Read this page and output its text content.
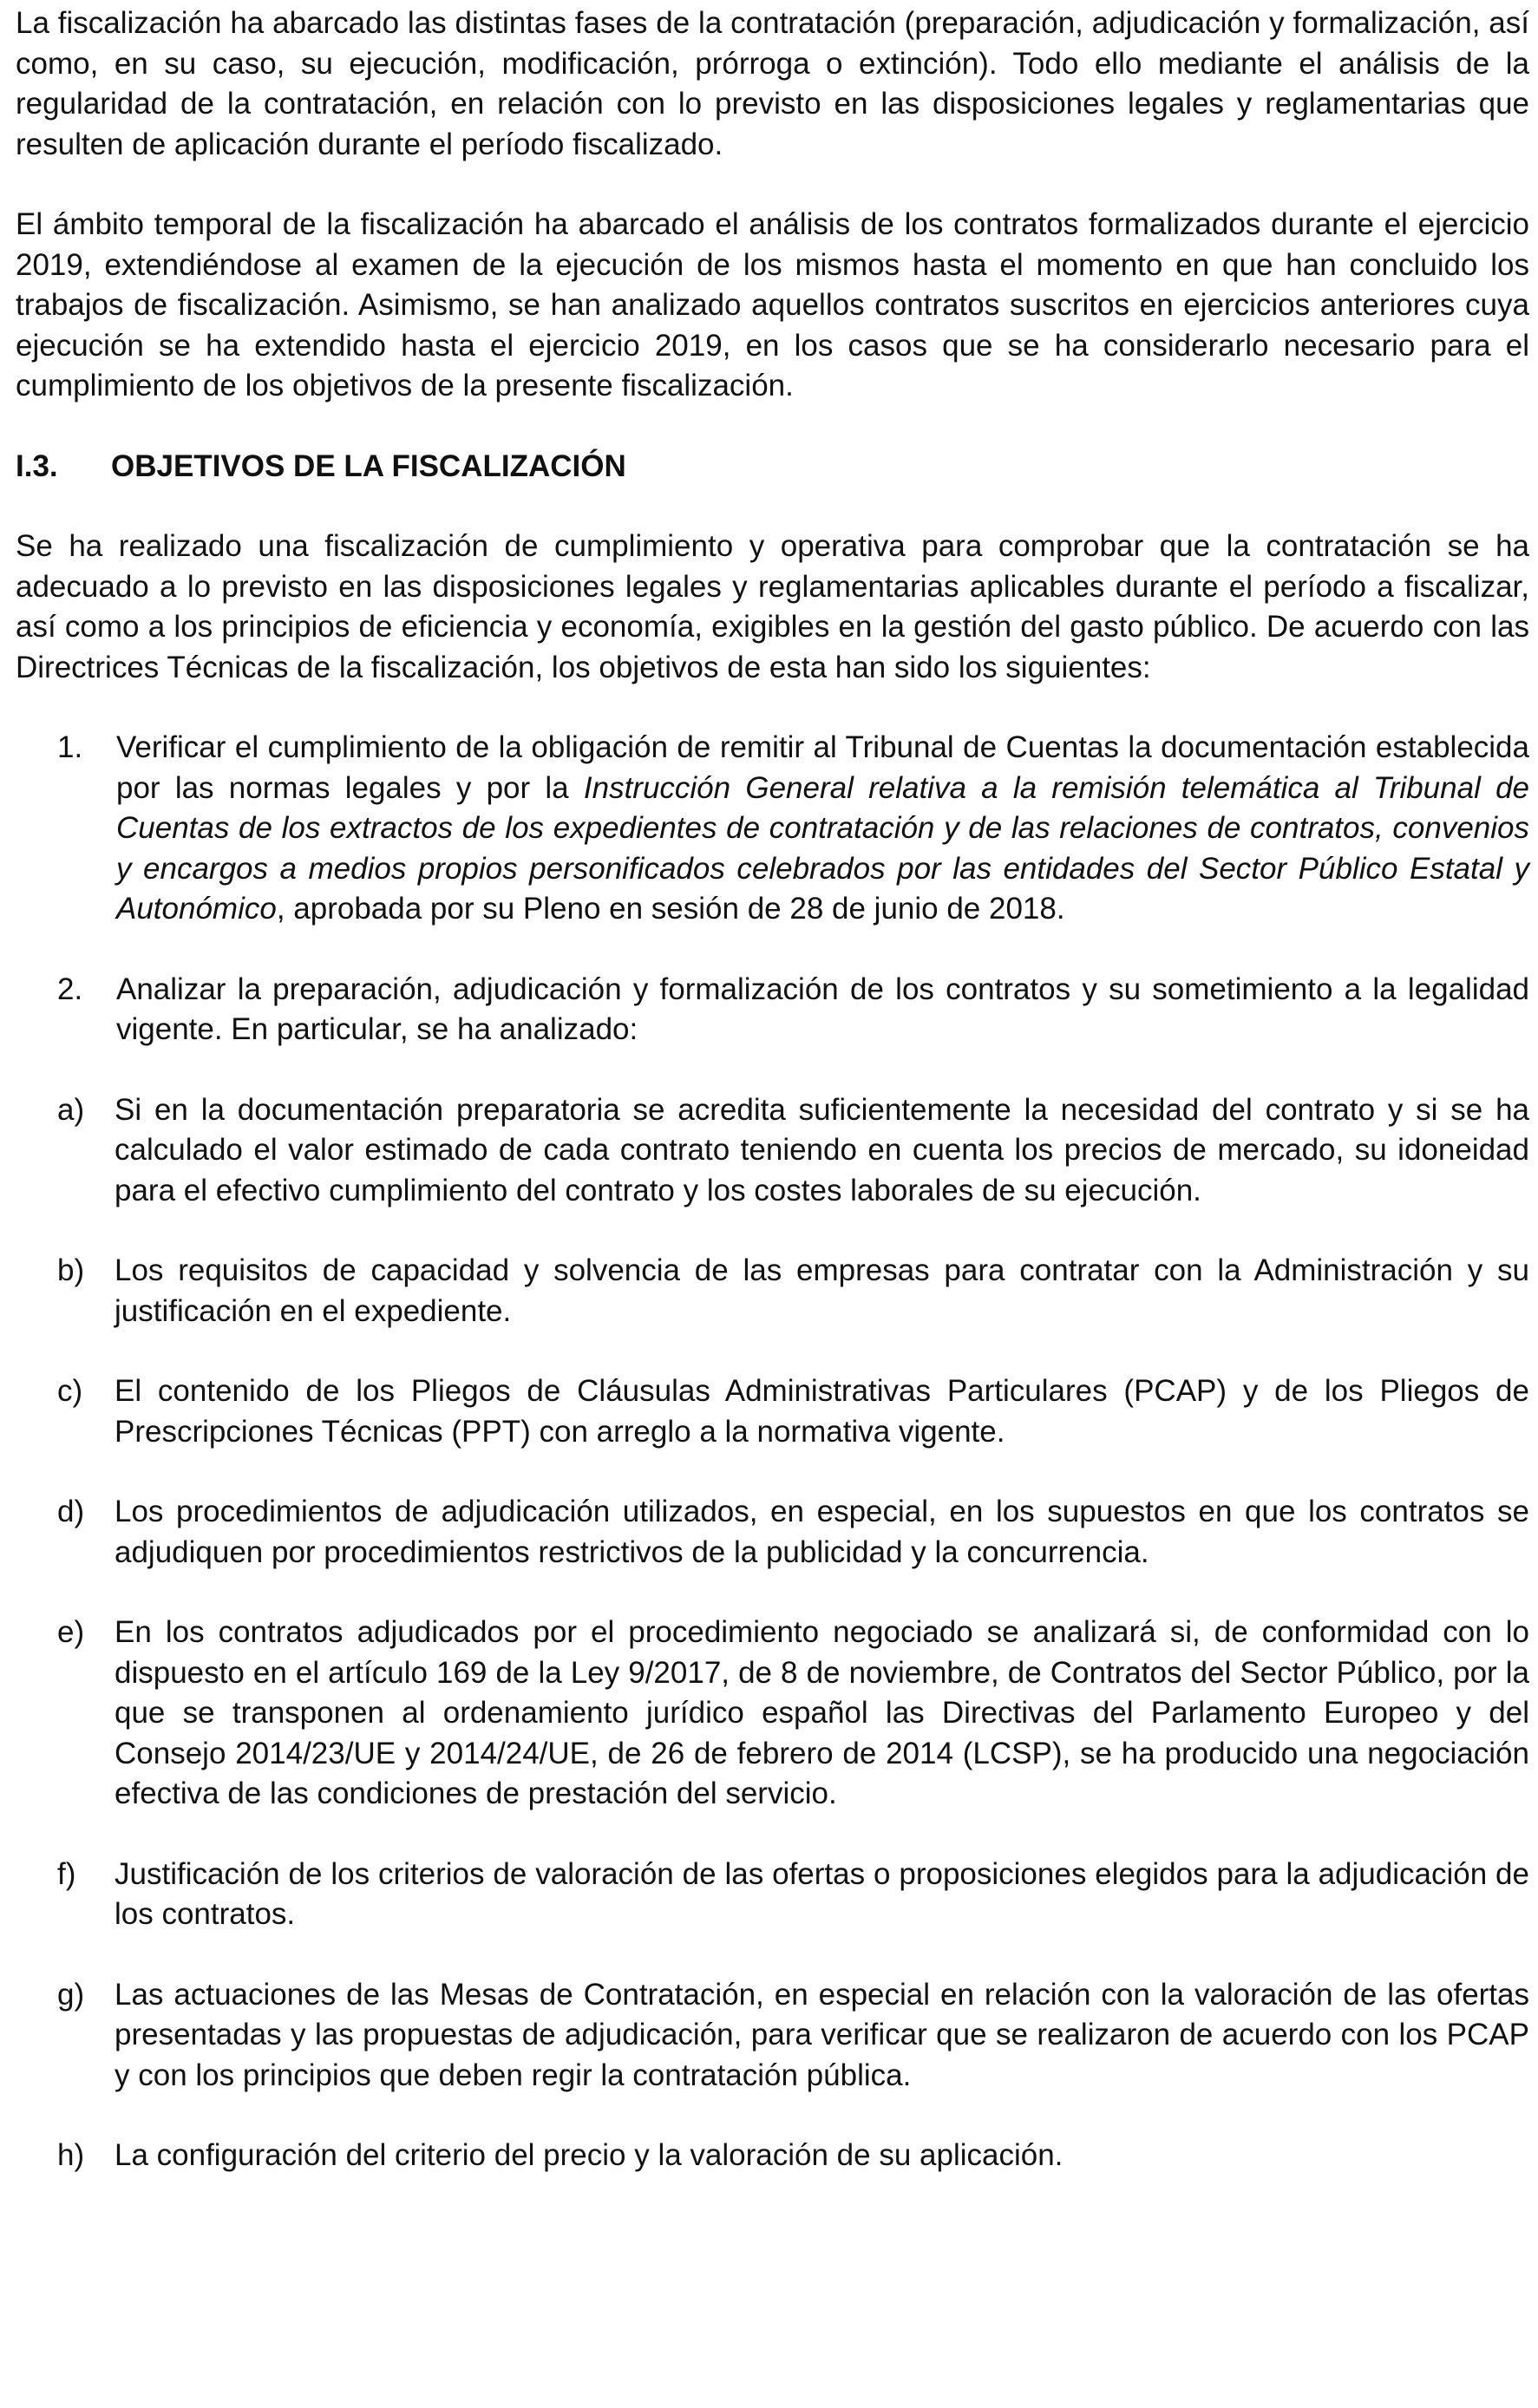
La fiscalización ha abarcado las distintas fases de la contratación (preparación, adjudicación y formalización, así como, en su caso, su ejecución, modificación, prórroga o extinción). Todo ello mediante el análisis de la regularidad de la contratación, en relación con lo previsto en las disposiciones legales y reglamentarias que resulten de aplicación durante el período fiscalizado.

El ámbito temporal de la fiscalización ha abarcado el análisis de los contratos formalizados durante el ejercicio 2019, extendiéndose al examen de la ejecución de los mismos hasta el momento en que han concluido los trabajos de fiscalización. Asimismo, se han analizado aquellos contratos suscritos en ejercicios anteriores cuya ejecución se ha extendido hasta el ejercicio 2019, en los casos que se ha considerarlo necesario para el cumplimiento de los objetivos de la presente fiscalización.

I.3.	OBJETIVOS DE LA FISCALIZACIÓN

Se ha realizado una fiscalización de cumplimiento y operativa para comprobar que la contratación se ha adecuado a lo previsto en las disposiciones legales y reglamentarias aplicables durante el período a fiscalizar, así como a los principios de eficiencia y economía, exigibles en la gestión del gasto público. De acuerdo con las Directrices Técnicas de la fiscalización, los objetivos de esta han sido los siguientes:

1.	Verificar el cumplimiento de la obligación de remitir al Tribunal de Cuentas la documentación establecida por las normas legales y por la Instrucción General relativa a la remisión telemática al Tribunal de Cuentas de los extractos de los expedientes de contratación y de las relaciones de contratos, convenios y encargos a medios propios personificados celebrados por las entidades del Sector Público Estatal y Autonómico, aprobada por su Pleno en sesión de 28 de junio de 2018.

2.	Analizar la preparación, adjudicación y formalización de los contratos y su sometimiento a la legalidad vigente. En particular, se ha analizado:

a) Si en la documentación preparatoria se acredita suficientemente la necesidad del contrato y si se ha calculado el valor estimado de cada contrato teniendo en cuenta los precios de mercado, su idoneidad para el efectivo cumplimiento del contrato y los costes laborales de su ejecución.

b) Los requisitos de capacidad y solvencia de las empresas para contratar con la Administración y su justificación en el expediente.

c)	El contenido de los Pliegos de Cláusulas Administrativas Particulares (PCAP) y de los Pliegos de Prescripciones Técnicas (PPT) con arreglo a la normativa vigente.

d) Los procedimientos de adjudicación utilizados, en especial, en los supuestos en que los contratos se adjudiquen por procedimientos restrictivos de la publicidad y la concurrencia.

e) En los contratos adjudicados por el procedimiento negociado se analizará si, de conformidad con lo dispuesto en el artículo 169 de la Ley 9/2017, de 8 de noviembre, de Contratos del Sector Público, por la que se transponen al ordenamiento jurídico español las Directivas del Parlamento Europeo y del Consejo 2014/23/UE y 2014/24/UE, de 26 de febrero de 2014 (LCSP), se ha producido una negociación efectiva de las condiciones de prestación del servicio.

f)	Justificación de los criterios de valoración de las ofertas o proposiciones elegidos para la adjudicación de los contratos.

g) Las actuaciones de las Mesas de Contratación, en especial en relación con la valoración de las ofertas presentadas y las propuestas de adjudicación, para verificar que se realizaron de acuerdo con los PCAP y con los principios que deben regir la contratación pública.

h) La configuración del criterio del precio y la valoración de su aplicación.
